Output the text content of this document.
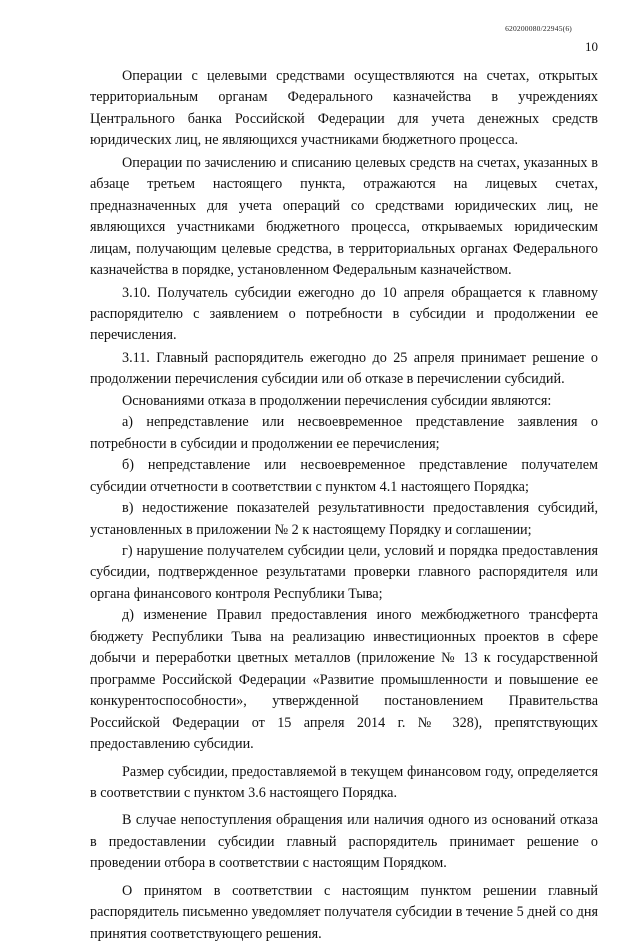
620200080/22945(6)
10

Операции с целевыми средствами осуществляются на счетах, открытых территориальным органам Федерального казначейства в учреждениях Центрального банка Российской Федерации для учета денежных средств юридических лиц, не являющихся участниками бюджетного процесса.

Операции по зачислению и списанию целевых средств на счетах, указанных в абзаце третьем настоящего пункта, отражаются на лицевых счетах, предназначенных для учета операций со средствами юридических лиц, не являющихся участниками бюджетного процесса, открываемых юридическим лицам, получающим целевые средства, в территориальных органах Федерального казначейства в порядке, установленном Федеральным казначейством.

3.10. Получатель субсидии ежегодно до 10 апреля обращается к главному распорядителю с заявлением о потребности в субсидии и продолжении ее перечисления.

3.11. Главный распорядитель ежегодно до 25 апреля принимает решение о продолжении перечисления субсидии или об отказе в перечислении субсидий.

Основаниями отказа в продолжении перечисления субсидии являются:

а) непредставление или несвоевременное представление заявления о потребности в субсидии и продолжении ее перечисления;

б) непредставление или несвоевременное представление получателем субсидии отчетности в соответствии с пунктом 4.1 настоящего Порядка;

в) недостижение показателей результативности предоставления субсидий, установленных в приложении № 2 к настоящему Порядку и соглашении;

г) нарушение получателем субсидии цели, условий и порядка предоставления субсидии, подтвержденное результатами проверки главного распорядителя или органа финансового контроля Республики Тыва;

д) изменение Правил предоставления иного межбюджетного трансферта бюджету Республики Тыва на реализацию инвестиционных проектов в сфере добычи и переработки цветных металлов (приложение № 13 к государственной программе Российской Федерации «Развитие промышленности и повышение ее конкурентоспособности», утвержденной постановлением Правительства Российской Федерации от 15 апреля 2014 г. № 328), препятствующих предоставлению субсидии.

Размер субсидии, предоставляемой в текущем финансовом году, определяется в соответствии с пунктом 3.6 настоящего Порядка.

В случае непоступления обращения или наличия одного из оснований отказа в предоставлении субсидии главный распорядитель принимает решение о проведении отбора в соответствии с настоящим Порядком.

О принятом в соответствии с настоящим пунктом решении главный распорядитель письменно уведомляет получателя субсидии в течение 5 дней со дня принятия соответствующего решения.
